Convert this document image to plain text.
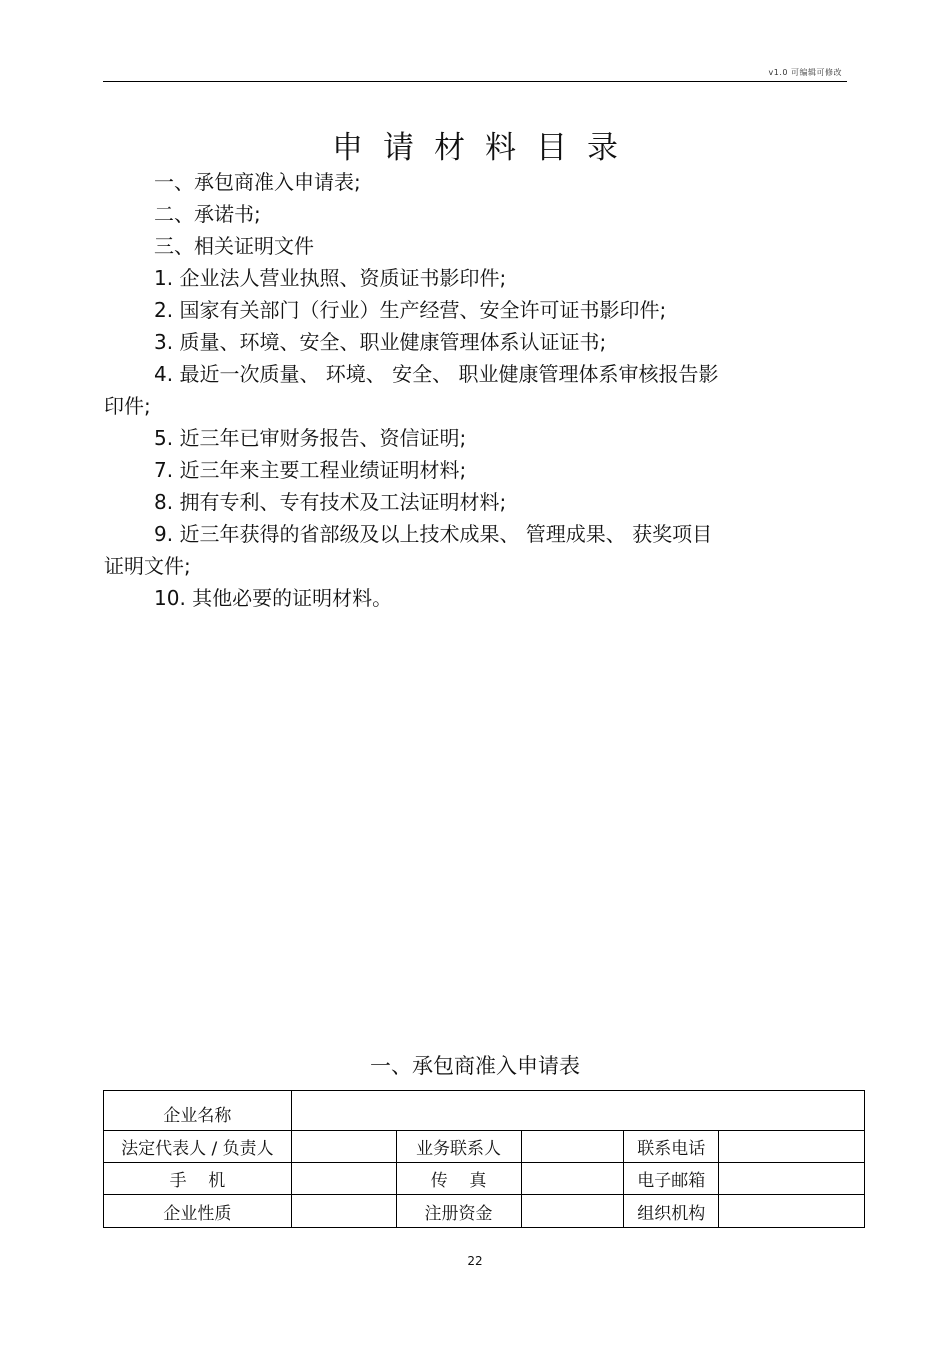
v1.0 可编辑可修改
申请材料目录
一、承包商准入申请表;
二、承诺书;
三、相关证明文件
1. 企业法人营业执照、资质证书影印件;
2. 国家有关部门（行业）生产经营、安全许可证书影印件;
3. 质量、环境、安全、职业健康管理体系认证证书;
4. 最近一次质量、 环境、 安全、 职业健康管理体系审核报告影
印件;
5. 近三年已审财务报告、资信证明;
7. 近三年来主要工程业绩证明材料;
8. 拥有专利、专有技术及工法证明材料;
9. 近三年获得的省部级及以上技术成果、 管理成果、 获奖项目
证明文件;
10. 其他必要的证明材料。
一、承包商准入申请表
企业名称					
法定代表人 / 负责人		业务联系人		联系电话	
手    机		传    真		电子邮箱	
企业性质		注册资金		组织机构	
22
